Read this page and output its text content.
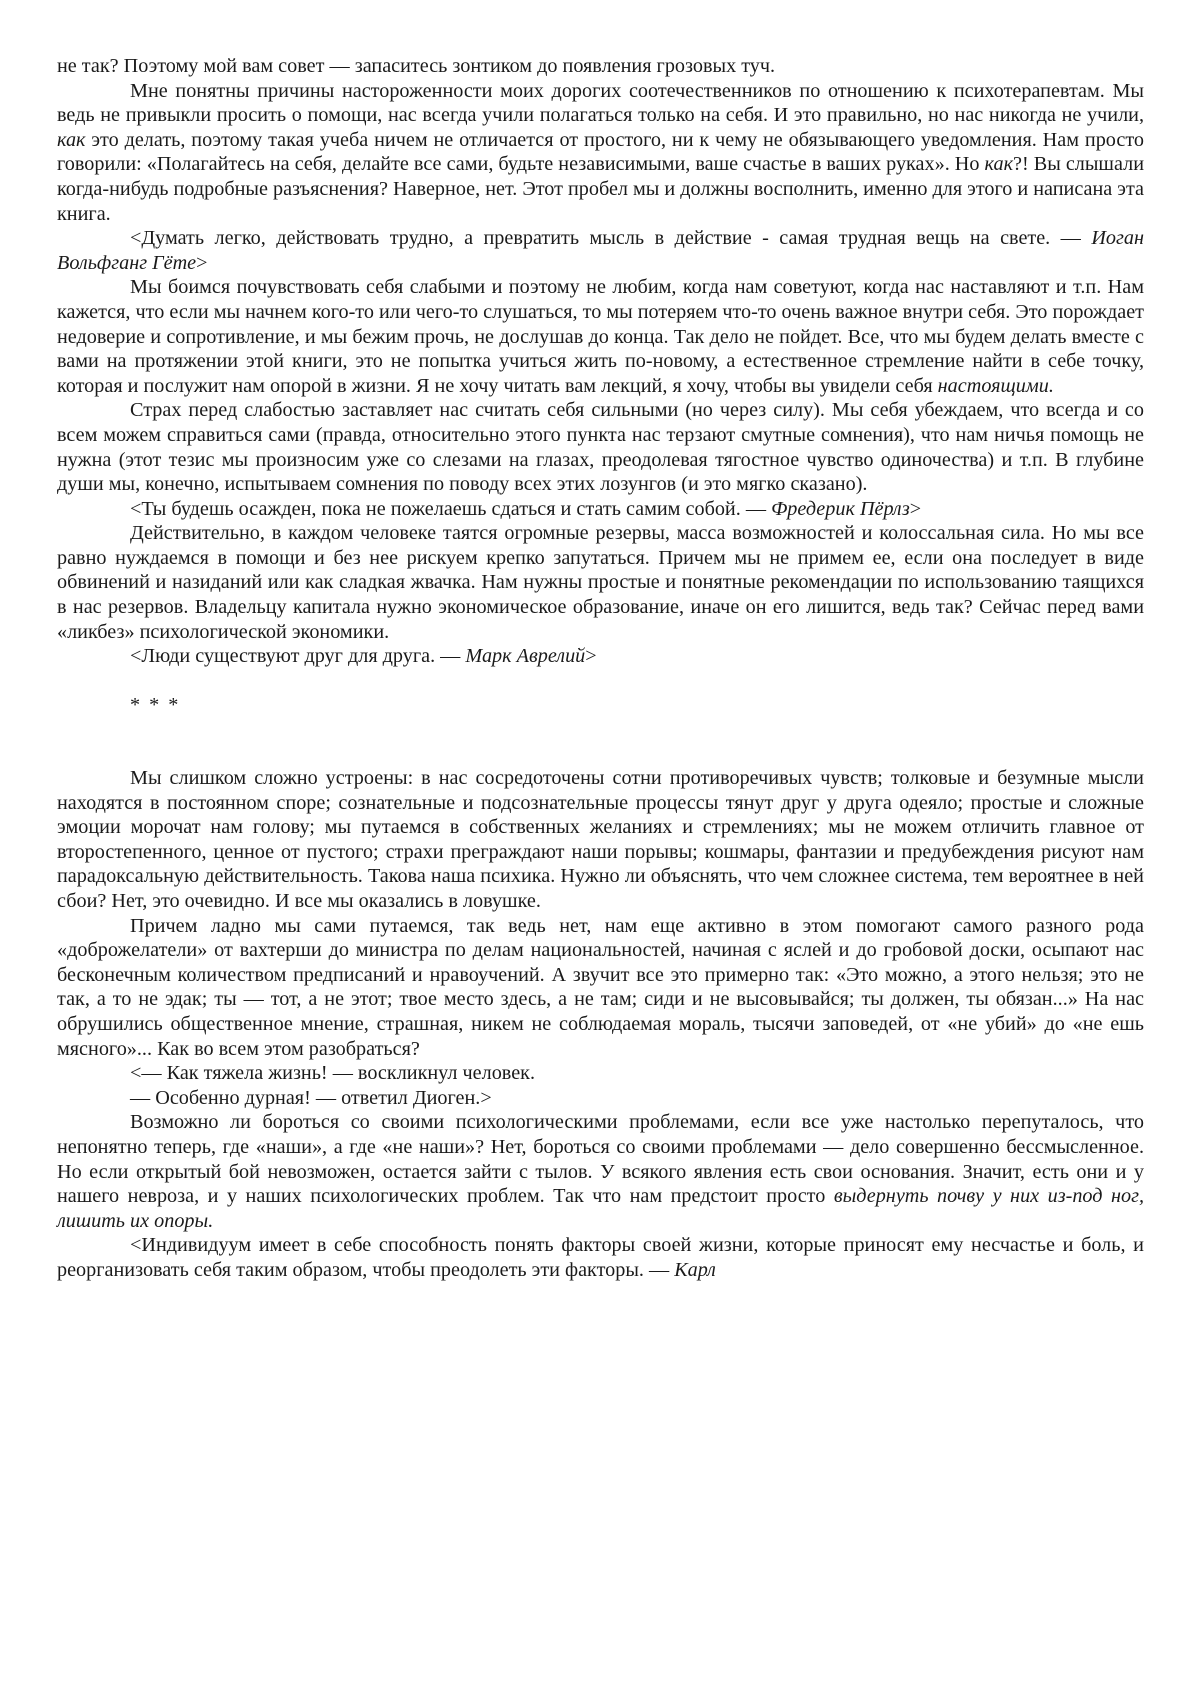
не так? Поэтому мой вам совет — запаситесь зонтиком до появления грозовых туч.

Мне понятны причины настороженности моих дорогих соотечественников по отношению к психотерапевтам. Мы ведь не привыкли просить о помощи, нас всегда учили полагаться только на себя. И это правильно, но нас никогда не учили, как это делать, поэтому такая учеба ничем не отличается от простого, ни к чему не обязывающего уведомления. Нам просто говорили: «Полагайтесь на себя, делайте все сами, будьте независимыми, ваше счастье в ваших руках». Но как?! Вы слышали когда-нибудь подробные разъяснения? Наверное, нет. Этот пробел мы и должны восполнить, именно для этого и написана эта книга.

<Думать легко, действовать трудно, а превратить мысль в действие - самая трудная вещь на свете. — Иоган Вольфганг Гёте>

Мы боимся почувствовать себя слабыми и поэтому не любим, когда нам советуют, когда нас наставляют и т.п. Нам кажется, что если мы начнем кого-то или чего-то слушаться, то мы потеряем что-то очень важное внутри себя. Это порождает недоверие и сопротивление, и мы бежим прочь, не дослушав до конца. Так дело не пойдет. Все, что мы будем делать вместе с вами на протяжении этой книги, это не попытка учиться жить по-новому, а естественное стремление найти в себе точку, которая и послужит нам опорой в жизни. Я не хочу читать вам лекций, я хочу, чтобы вы увидели себя настоящими.

Страх перед слабостью заставляет нас считать себя сильными (но через силу). Мы себя убеждаем, что всегда и со всем можем справиться сами (правда, относительно этого пункта нас терзают смутные сомнения), что нам ничья помощь не нужна (этот тезис мы произносим уже со слезами на глазах, преодолевая тягостное чувство одиночества) и т.п. В глубине души мы, конечно, испытываем сомнения по поводу всех этих лозунгов (и это мягко сказано).

<Ты будешь осажден, пока не пожелаешь сдаться и стать самим собой. — Фредерик Пёрлз>

Действительно, в каждом человеке таятся огромные резервы, масса возможностей и колоссальная сила. Но мы все равно нуждаемся в помощи и без нее рискуем крепко запутаться. Причем мы не примем ее, если она последует в виде обвинений и назиданий или как сладкая жвачка. Нам нужны простые и понятные рекомендации по использованию таящихся в нас резервов. Владельцу капитала нужно экономическое образование, иначе он его лишится, ведь так? Сейчас перед вами «ликбез» психологической экономики.

<Люди существуют друг для друга. — Марк Аврелий>

* * *

Мы слишком сложно устроены: в нас сосредоточены сотни противоречивых чувств; толковые и безумные мысли находятся в постоянном споре; сознательные и подсознательные процессы тянут друг у друга одеяло; простые и сложные эмоции морочат нам голову; мы путаемся в собственных желаниях и стремлениях; мы не можем отличить главное от второстепенного, ценное от пустого; страхи преграждают наши порывы; кошмары, фантазии и предубеждения рисуют нам парадоксальную действительность. Такова наша психика. Нужно ли объяснять, что чем сложнее система, тем вероятнее в ней сбои? Нет, это очевидно. И все мы оказались в ловушке.

Причем ладно мы сами путаемся, так ведь нет, нам еще активно в этом помогают самого разного рода «доброжелатели» от вахтерши до министра по делам национальностей, начиная с яслей и до гробовой доски, осыпают нас бесконечным количеством предписаний и нравоучений. А звучит все это примерно так: «Это можно, а этого нельзя; это не так, а то не эдак; ты — тот, а не этот; твое место здесь, а не там; сиди и не высовывайся; ты должен, ты обязан...» На нас обрушились общественное мнение, страшная, никем не соблюдаемая мораль, тысячи заповедей, от «не убий» до «не ешь мясного»... Как во всем этом разобраться?

<— Как тяжела жизнь! — воскликнул человек.

— Особенно дурная! — ответил Диоген.>

Возможно ли бороться со своими психологическими проблемами, если все уже настолько перепуталось, что непонятно теперь, где «наши», а где «не наши»? Нет, бороться со своими проблемами — дело совершенно бессмысленное. Но если открытый бой невозможен, остается зайти с тылов. У всякого явления есть свои основания. Значит, есть они и у нашего невроза, и у наших психологических проблем. Так что нам предстоит просто выдернуть почву у них из-под ног, лишить их опоры.

<Индивидуум имеет в себе способность понять факторы своей жизни, которые приносят ему несчастье и боль, и реорганизовать себя таким образом, чтобы преодолеть эти факторы. — Карл
